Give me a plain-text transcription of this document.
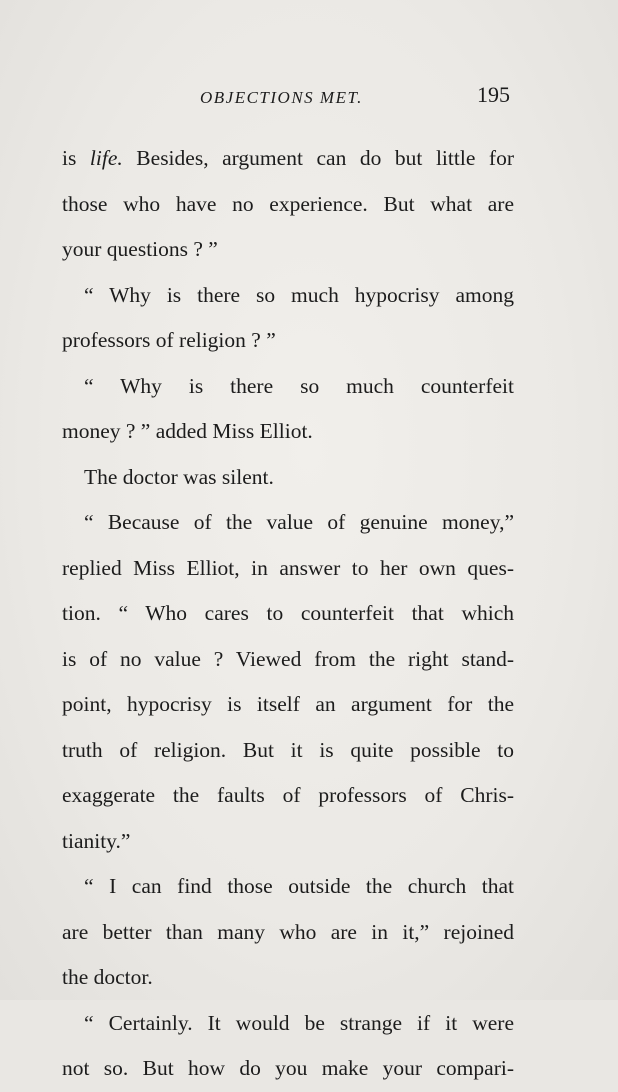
OBJECTIONS MET.	195
is life. Besides, argument can do but little for
those who have no experience. But what are
your questions ? ”
“ Why is there so much hypocrisy among
professors of religion ? ”
“ Why is there so much counterfeit
money ? ” added Miss Elliot.
The doctor was silent.
“ Because of the value of genuine money,”
replied Miss Elliot, in answer to her own ques-
tion. “ Who cares to counterfeit that which
is of no value ? Viewed from the right stand-
point, hypocrisy is itself an argument for the
truth of religion. But it is quite possible to
exaggerate the faults of professors of Chris-
tianity.”
“ I can find those outside the church that
are better than many who are in it,” rejoined
the doctor.
“ Certainly. It would be strange if it were
not so. But how do you make your compari-
